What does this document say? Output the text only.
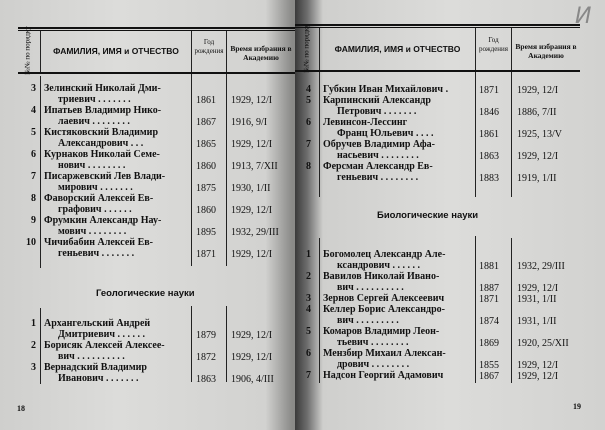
№№ по порядку	ФАМИЛИЯ, ИМЯ и ОТЧЕСТВО
Год рождения Время избрания в Академию
3 Зелинский Николай Дми-
триевич . . . . . . .	1861 1929, 12/I
4 Ипатьев Владимир Нико-
лаевич . . . . . . . .	1867 1916, 9/I
5 Кистяковский Владимир
Александрович . . .	1865 1929, 12/I
6 Курнаков Николай Семе-
нович . . . . . . . .	1860 1913, 7/XII
7 Писаржевский Лев Влади-
мирович . . . . . . .	1875 1930, 1/II
8 Фаворский Алексей Ев-
графович . . . . . .	1860 1929, 12/I
9 Фрумкин Александр Нау-
мович . . . . . . . .	1895 1932, 29/III
10 Чичибабин Алексей Ев-
геньевич . . . . . . .	1871 1929, 12/I
Геологические науки
1 Архангельский Андрей
Дмитриевич . . . . . .	1879 1929, 12/I
2 Борисяк Алексей Алексее-
вич . . . . . . . . . .	1872 1929, 12/I
3 Вернадский Владимир
Иванович . . . . . . .	1863 1906, 4/III
18
№№ по порядку	ФАМИЛИЯ, ИМЯ и ОТЧЕСТВО
Год рождения Время избрания в Академию
4 Губкин Иван Михайлович .	1871 1929, 12/I
5 Карпинский Александр
Петрович . . . . . . .	1846 1886, 7/II
6 Левинсон-Лессинг
Франц Юльевич . . . .	1861 1925, 13/V
7 Обручев Владимир Афа-
насьевич . . . . . . . .	1863 1929, 12/I
8 Ферсман Александр Ев-
геньевич . . . . . . . .	1883 1919, 1/II
Биологические науки
1 Богомолец Александр Але-
ксандрович . . . . . .	1881 1932, 29/III
2 Вавилов Николай Ивано-
вич . . . . . . . . . .	1887 1929, 12/I
3 Зернов Сергей Алексеевич	1871 1931, 1/II
4 Келлер Борис Александро-
вич . . . . . . . . .	1874 1931, 1/II
5 Комаров Владимир Леон-
тьевич . . . . . . . .	1869 1920, 25/XII
6 Мензбир Михаил Алексан-
дрович . . . . . . . .	1855 1929, 12/I
7 Надсон Георгий Адамович	1867 1929, 12/I
19
И
